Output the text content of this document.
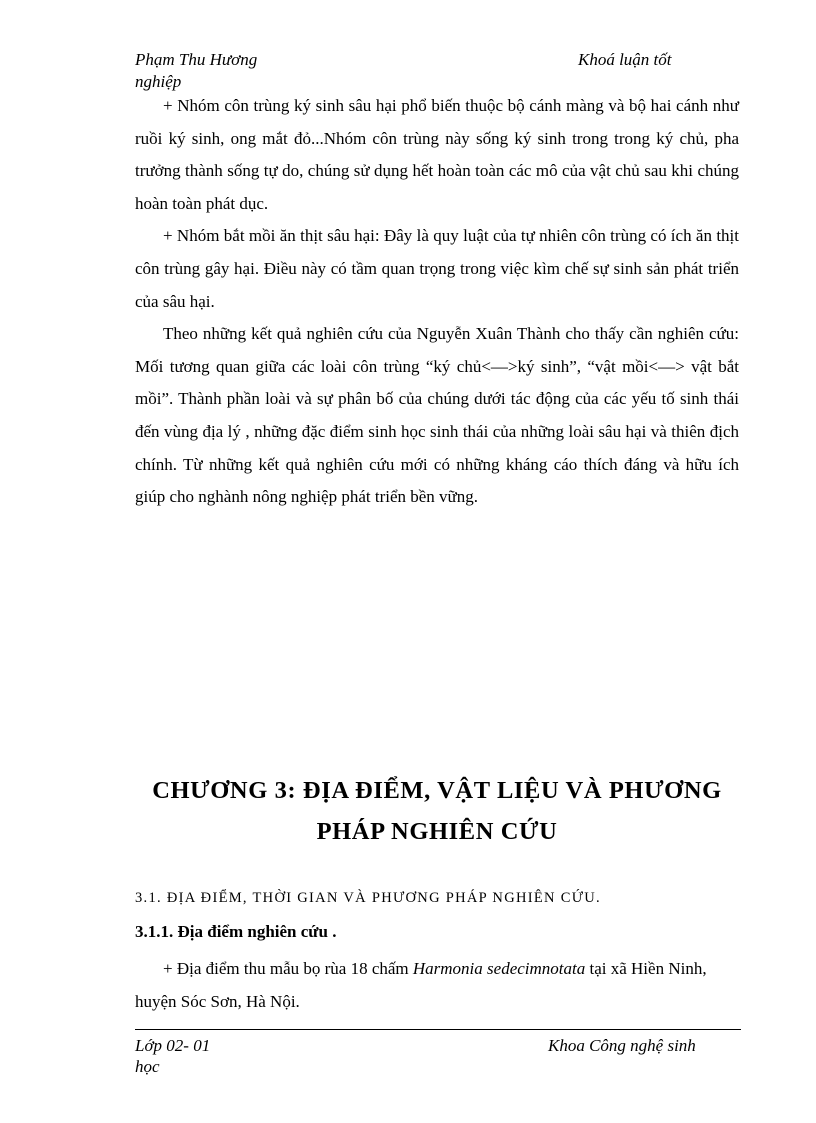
Phạm Thu Hương	Khoá luận tốt
nghiệp

+ Nhóm côn trùng ký sinh sâu hại phổ biến thuộc bộ cánh màng và bộ hai cánh như ruồi ký sinh, ong mắt đỏ...Nhóm côn trùng này sống ký sinh trong trong ký chủ, pha trưởng thành sống tự do, chúng sử dụng hết hoàn toàn các mô của vật chủ sau khi chúng hoàn toàn phát dục.

+ Nhóm bắt mồi ăn thịt sâu hại: Đây là quy luật của tự nhiên côn trùng có ích ăn thịt côn trùng gây hại. Điều này có tầm quan trọng trong việc kìm chế sự sinh sản phát triển của sâu hại.

Theo những kết quả nghiên cứu của Nguyễn Xuân Thành cho thấy cần nghiên cứu: Mối tương quan giữa các loài côn trùng “ký chủ<—>ký sinh”, “vật mồi<—> vật bắt mồi”. Thành phần loài và sự phân bố của chúng dưới tác động của các yếu tố sinh thái đến vùng địa lý , những đặc điểm sinh học sinh thái của những loài sâu hại và thiên địch chính. Từ những kết quả nghiên cứu mới có những kháng cáo thích đáng và hữu ích giúp cho nghành nông nghiệp phát triển bền vững.

CHƯƠNG 3: ĐỊA ĐIỂM, VẬT LIỆU VÀ PHƯƠNG
PHÁP NGHIÊN CỨU
3.1. ĐỊA ĐIỂM, THỜI GIAN VÀ PHƯƠNG PHÁP NGHIÊN CỨU.
3.1.1. Địa điểm nghiên cứu .
+ Địa điểm thu mẫu bọ rùa 18 chấm Harmonia sedecimnotata tại xã Hiền Ninh, huyện Sóc Sơn, Hà Nội.
Lớp 02- 01	Khoa Công nghệ sinh
học
